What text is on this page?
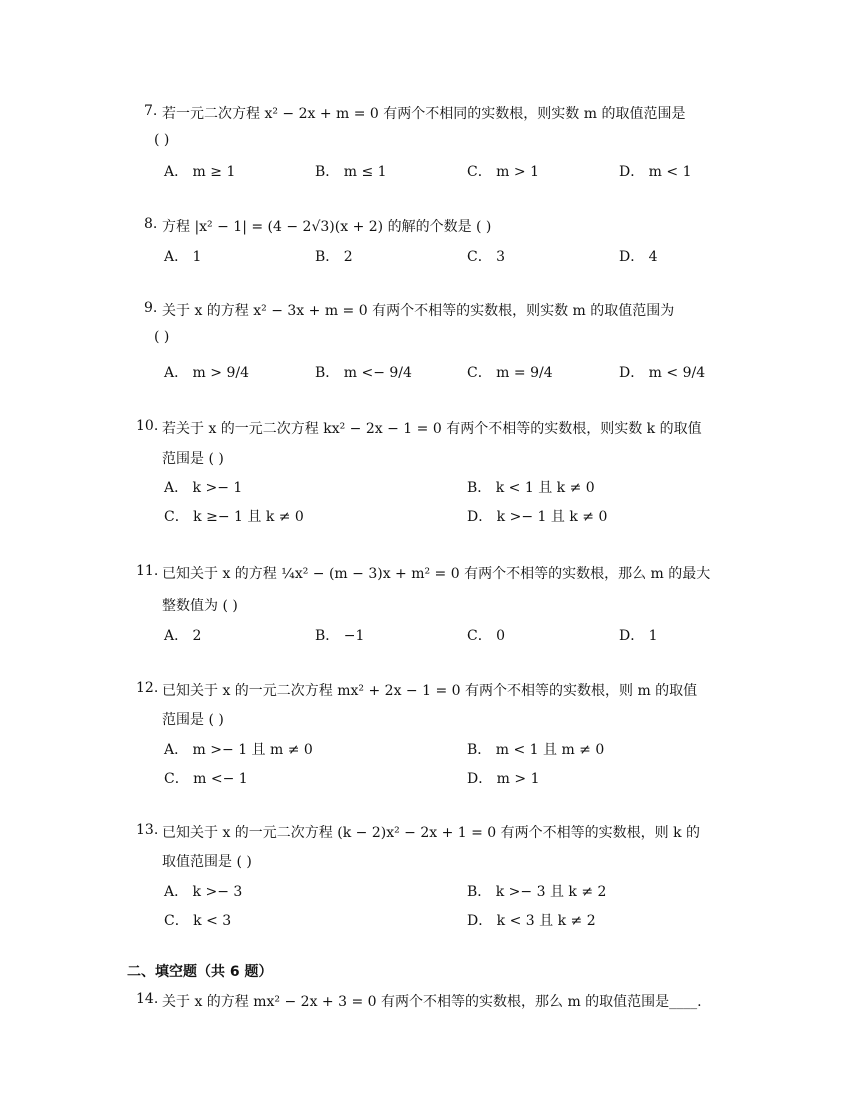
7. 若一元二次方程 x² − 2x + m = 0 有两个不相同的实数根，则实数 m 的取值范围是
( )
A． m ≥ 1	B． m ≤ 1	C． m > 1	D． m < 1
8. 方程 |x² − 1| = (4 − 2√3)(x + 2) 的解的个数是 ( )
A． 1	B． 2	C． 3	D． 4
9. 关于 x 的方程 x² − 3x + m = 0 有两个不相等的实数根，则实数 m 的取值范围为
( )
A． m > 9/4	B． m <− 9/4	C． m = 9/4	D． m < 9/4
10. 若关于 x 的一元二次方程 kx² − 2x − 1 = 0 有两个不相等的实数根，则实数 k 的取值
范围是 ( )
A． k >− 1	B． k < 1 且 k ≠ 0
C． k ≥− 1 且 k ≠ 0	D． k >− 1 且 k ≠ 0
11. 已知关于 x 的方程 ¼x² − (m − 3)x + m² = 0 有两个不相等的实数根，那么 m 的最大
整数值为 ( )
A． 2	B． −1	C． 0	D． 1
12. 已知关于 x 的一元二次方程 mx² + 2x − 1 = 0 有两个不相等的实数根，则 m 的取值
范围是 ( )
A． m >− 1 且 m ≠ 0	B． m < 1 且 m ≠ 0
C． m <− 1	D． m > 1
13. 已知关于 x 的一元二次方程 (k − 2)x² − 2x + 1 = 0 有两个不相等的实数根，则 k 的
取值范围是 ( )
A． k >− 3	B． k >− 3 且 k ≠ 2
C． k < 3	D． k < 3 且 k ≠ 2
二、填空题（共 6 题）
14. 关于 x 的方程 mx² − 2x + 3 = 0 有两个不相等的实数根，那么 m 的取值范围是____.
